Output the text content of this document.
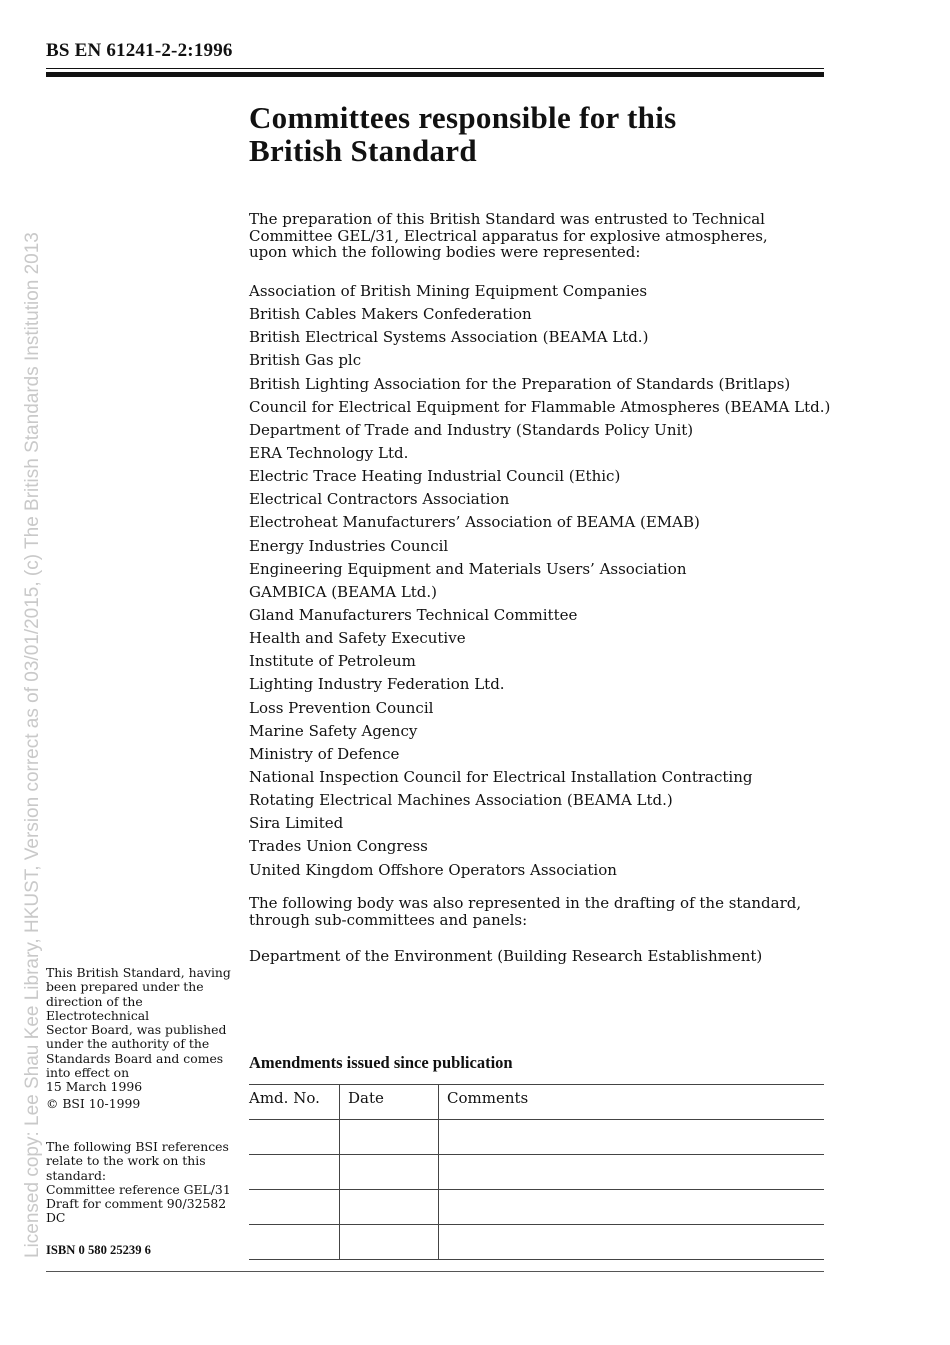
BS EN 61241-2-2:1996
Licensed copy: Lee Shau Kee Library, HKUST, Version correct as of 03/01/2015, (c) The British Standards Institution 2013
Committees responsible for this
British Standard
The preparation of this British Standard was entrusted to Technical Committee GEL/31, Electrical apparatus for explosive atmospheres, upon which the following bodies were represented:
Association of British Mining Equipment Companies
British Cables Makers Confederation
British Electrical Systems Association (BEAMA Ltd.)
British Gas plc
British Lighting Association for the Preparation of Standards (Britlaps)
Council for Electrical Equipment for Flammable Atmospheres (BEAMA Ltd.)
Department of Trade and Industry (Standards Policy Unit)
ERA Technology Ltd.
Electric Trace Heating Industrial Council (Ethic)
Electrical Contractors Association
Electroheat Manufacturers’ Association of BEAMA (EMAB)
Energy Industries Council
Engineering Equipment and Materials Users’ Association
GAMBICA (BEAMA Ltd.)
Gland Manufacturers Technical Committee
Health and Safety Executive
Institute of Petroleum
Lighting Industry Federation Ltd.
Loss Prevention Council
Marine Safety Agency
Ministry of Defence
National Inspection Council for Electrical Installation Contracting
Rotating Electrical Machines Association (BEAMA Ltd.)
Sira Limited
Trades Union Congress
United Kingdom Offshore Operators Association
The following body was also represented in the drafting of the standard, through sub-committees and panels:
Department of the Environment (Building Research Establishment)
Amendments issued since publication
Amd. No.	Date	Comments

This British Standard, having
been prepared under the
direction of the Electrotechnical
Sector Board, was published
under the authority of the
Standards Board and comes
into effect on
15 March 1996
© BSI 10-1999
The following BSI references
relate to the work on this
standard:
Committee reference GEL/31
Draft for comment 90/32582 DC
ISBN 0 580 25239 6
